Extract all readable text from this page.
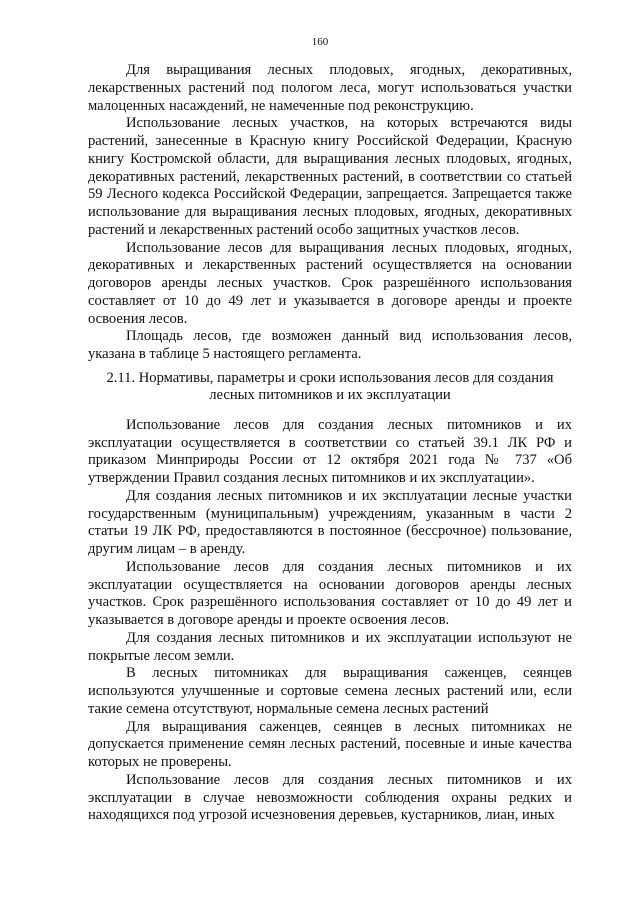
160

Для выращивания лесных плодовых, ягодных, декоративных, лекарственных растений под пологом леса, могут использоваться участки малоценных насаждений, не намеченные под реконструкцию.

Использование лесных участков, на которых встречаются виды растений, занесенные в Красную книгу Российской Федерации, Красную книгу Костромской области, для выращивания лесных плодовых, ягодных, декоративных растений, лекарственных растений, в соответствии со статьей 59 Лесного кодекса Российской Федерации, запрещается. Запрещается также использование для выращивания лесных плодовых, ягодных, декоративных растений и лекарственных растений особо защитных участков лесов.

Использование лесов для выращивания лесных плодовых, ягодных, декоративных и лекарственных растений осуществляется на основании договоров аренды лесных участков. Срок разрешённого использования составляет от 10 до 49 лет и указывается в договоре аренды и проекте освоения лесов.

Площадь лесов, где возможен данный вид использования лесов, указана в таблице 5 настоящего регламента.

2.11. Нормативы, параметры и сроки использования лесов для создания
лесных питомников и их эксплуатации

Использование лесов для создания лесных питомников и их эксплуатации осуществляется в соответствии со статьей 39.1 ЛК РФ и приказом Минприроды России от 12 октября 2021 года № 737 «Об утверждении Правил создания лесных питомников и их эксплуатации».

Для создания лесных питомников и их эксплуатации лесные участки государственным (муниципальным) учреждениям, указанным в части 2 статьи 19 ЛК РФ, предоставляются в постоянное (бессрочное) пользование, другим лицам – в аренду.

Использование лесов для создания лесных питомников и их эксплуатации осуществляется на основании договоров аренды лесных участков. Срок разрешённого использования составляет от 10 до 49 лет и указывается в договоре аренды и проекте освоения лесов.

Для создания лесных питомников и их эксплуатации используют не покрытые лесом земли.

В лесных питомниках для выращивания саженцев, сеянцев используются улучшенные и сортовые семена лесных растений или, если такие семена отсутствуют, нормальные семена лесных растений

Для выращивания саженцев, сеянцев в лесных питомниках не допускается применение семян лесных растений, посевные и иные качества которых не проверены.

Использование лесов для создания лесных питомников и их эксплуатации в случае невозможности соблюдения охраны редких и находящихся под угрозой исчезновения деревьев, кустарников, лиан, иных
